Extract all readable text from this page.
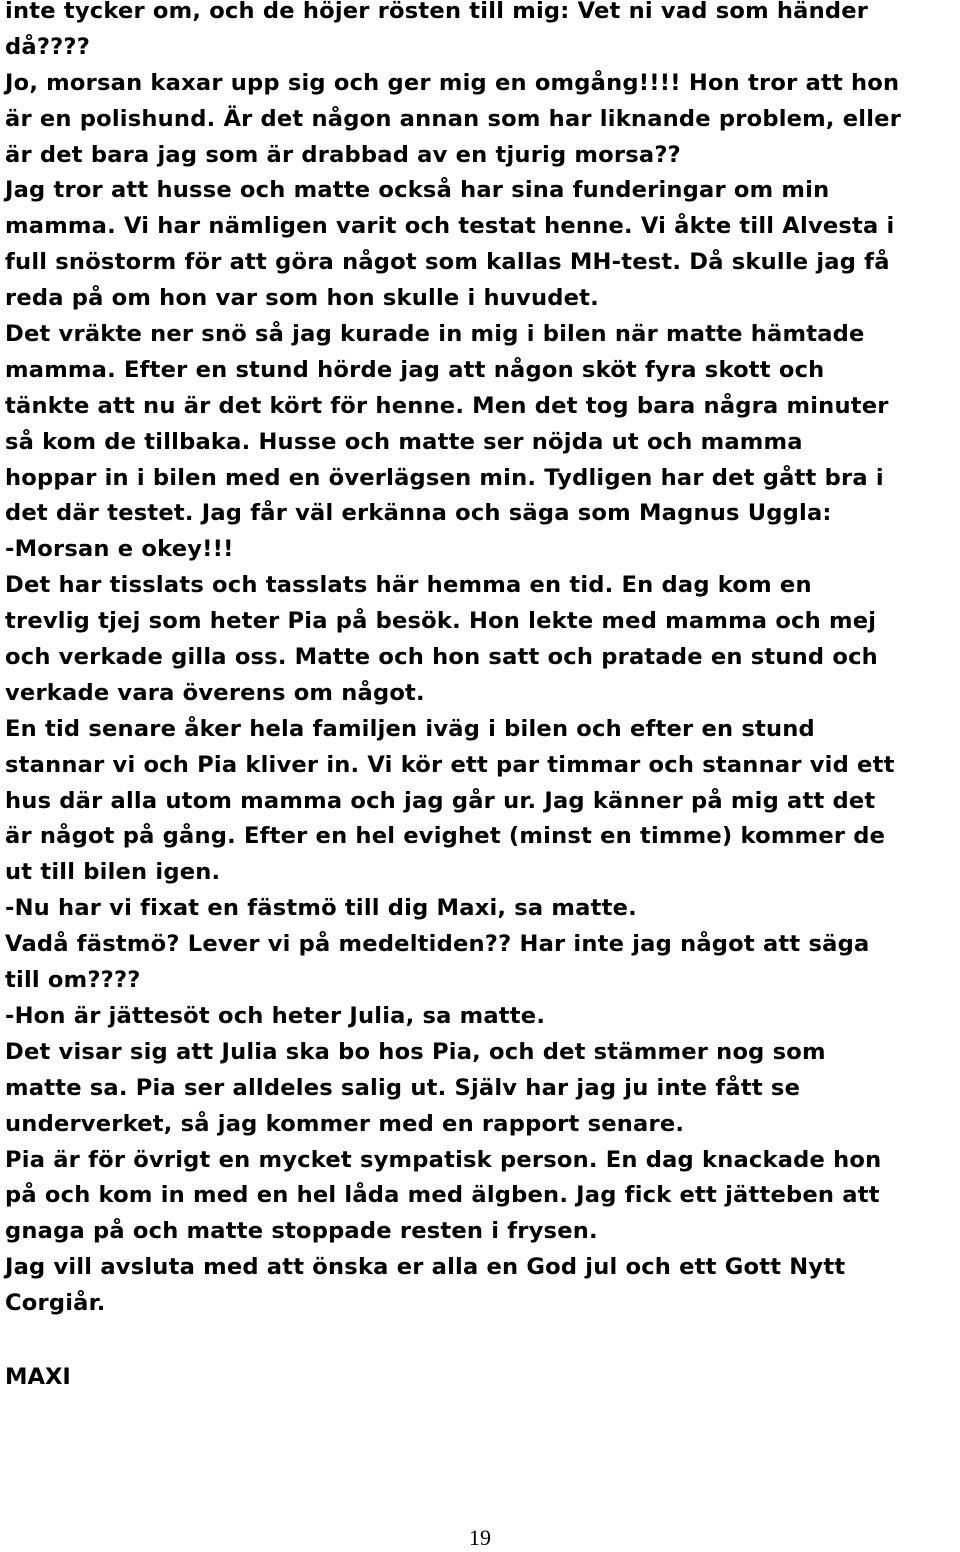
inte tycker om, och de höjer rösten till mig: Vet ni vad som händer
då????
Jo, morsan kaxar upp sig och ger mig en omgång!!!! Hon tror att hon
är en polishund. Är det någon annan som har liknande problem, eller
är det bara jag som är drabbad av en tjurig morsa??
Jag tror att husse och matte också har sina funderingar om min
mamma. Vi har nämligen varit och testat henne. Vi åkte till Alvesta i
full snöstorm för att göra något som kallas MH-test. Då skulle jag få
reda på om hon var som hon skulle i huvudet.
Det vräkte ner snö så jag kurade in mig i bilen när matte hämtade
mamma. Efter en stund hörde jag att någon sköt fyra skott och
tänkte att nu är det kört för henne. Men det tog bara några minuter
så kom de tillbaka. Husse och matte ser nöjda ut och mamma
hoppar in i bilen med en överlägsen min. Tydligen har det gått bra i
det där testet. Jag får väl erkänna och säga som Magnus Uggla:
-Morsan e okey!!!
Det har tisslats och tasslats här hemma en tid. En dag kom en
trevlig tjej som heter Pia på besök. Hon lekte med mamma och mej
och verkade gilla oss. Matte och hon satt och pratade en stund och
verkade vara överens om något.
En tid senare åker hela familjen iväg i bilen och efter en stund
stannar vi och Pia kliver in. Vi kör ett par timmar och stannar vid ett
hus där alla utom mamma och jag går ur. Jag känner på mig att det
är något på gång. Efter en hel evighet (minst en timme) kommer de
ut till bilen igen.
-Nu har vi fixat en fästmö till dig Maxi, sa matte.
Vadå fästmö? Lever vi på medeltiden?? Har inte jag något att säga
till om????
-Hon är jättesöt och heter Julia, sa matte.
Det visar sig att Julia ska bo hos Pia, och det stämmer nog som
matte sa. Pia ser alldeles salig ut. Själv har jag ju inte fått se
underverket, så jag kommer med en rapport senare.
Pia är för övrigt en mycket sympatisk person. En dag knackade hon
på och kom in med en hel låda med älgben. Jag fick ett jätteben att
gnaga på och matte stoppade resten i frysen.
Jag vill avsluta med att önska er alla en God jul och ett Gott Nytt
Corgiår.
MAXI
19
